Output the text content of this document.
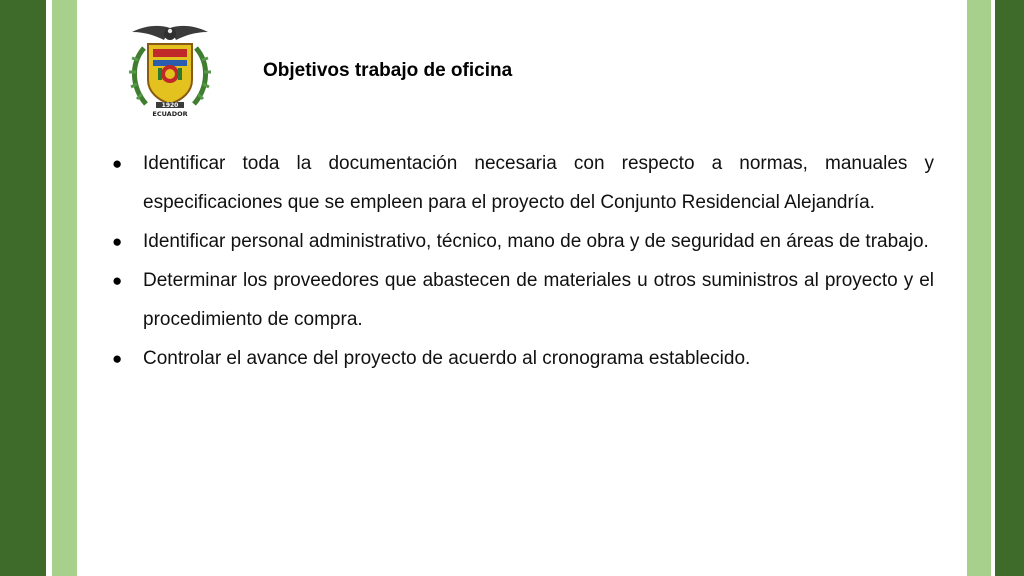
1920
ECUADOR
Objetivos trabajo de oficina
●	Identificar toda la documentación necesaria con respecto a normas, manuales y especificaciones que se empleen para el proyecto del Conjunto Residencial Alejandría.
●	Identificar personal administrativo, técnico, mano de obra y de seguridad en áreas de trabajo.
●	Determinar los proveedores que abastecen de materiales u otros suministros al proyecto y el procedimiento de compra.
●	Controlar el avance del proyecto de acuerdo al cronograma establecido.
